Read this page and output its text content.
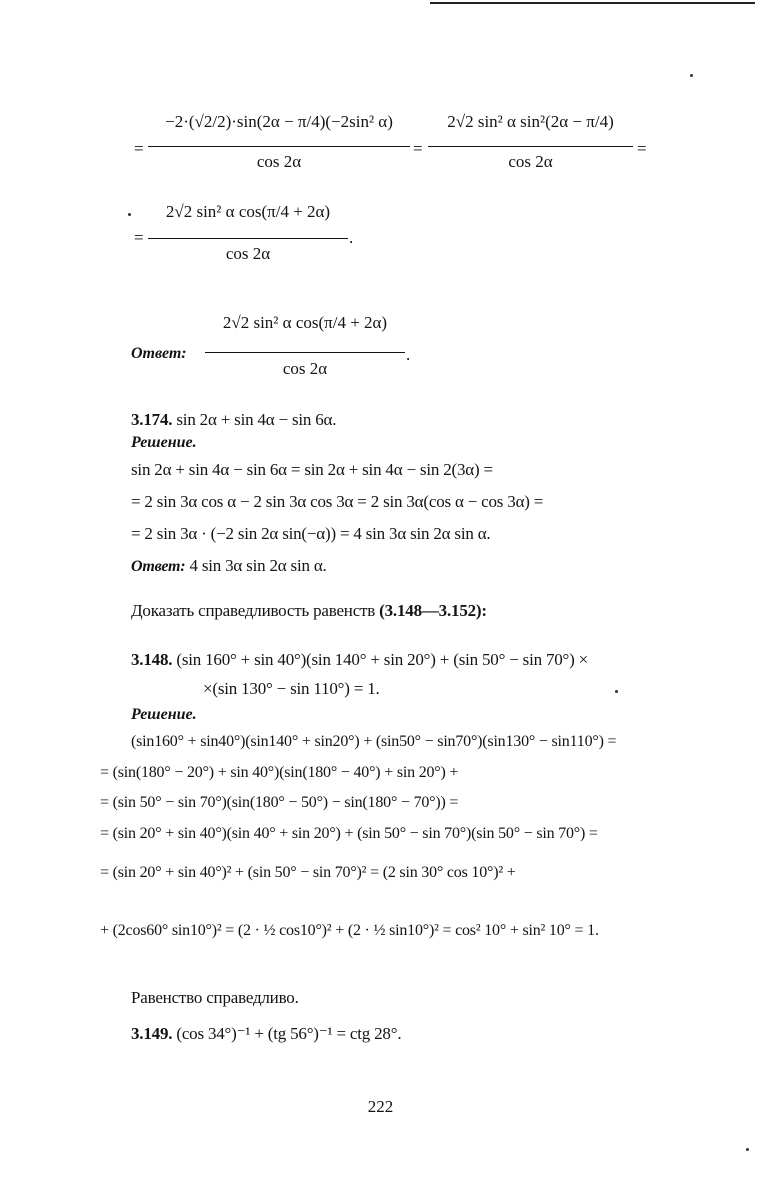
=
−2·(√2/2)·sin(2α − π/4)(−2sin² α)
cos 2α
=
2√2 sin² α sin²(2α − π/4)
cos 2α
=
=
2√2 sin² α cos(π/4 + 2α)
cos 2α
.
Ответ:
2√2 sin² α cos(π/4 + 2α)
cos 2α
.
3.174. sin 2α + sin 4α − sin 6α.
Решение.
sin 2α + sin 4α − sin 6α = sin 2α + sin 4α − sin 2(3α) =
= 2 sin 3α cos α − 2 sin 3α cos 3α = 2 sin 3α(cos α − cos 3α) =
= 2 sin 3α · (−2 sin 2α sin(−α)) = 4 sin 3α sin 2α sin α.
Ответ: 4 sin 3α sin 2α sin α.
Доказать справедливость равенств (3.148—3.152):
3.148. (sin 160° + sin 40°)(sin 140° + sin 20°) + (sin 50° − sin 70°) ×
×(sin 130° − sin 110°) = 1.
Решение.
(sin160° + sin40°)(sin140° + sin20°) + (sin50° − sin70°)(sin130° − sin110°) =
= (sin(180° − 20°) + sin 40°)(sin(180° − 40°) + sin 20°) +
= (sin 50° − sin 70°)(sin(180° − 50°) − sin(180° − 70°)) =
= (sin 20° + sin 40°)(sin 40° + sin 20°) + (sin 50° − sin 70°)(sin 50° − sin 70°) =
= (sin 20° + sin 40°)² + (sin 50° − sin 70°)² = (2 sin 30° cos 10°)² +
+ (2cos60° sin10°)² = (2 · ½ cos10°)² + (2 · ½ sin10°)² = cos² 10° + sin² 10° = 1.
Равенство справедливо.
3.149. (cos 34°)⁻¹ + (tg 56°)⁻¹ = ctg 28°.
222
